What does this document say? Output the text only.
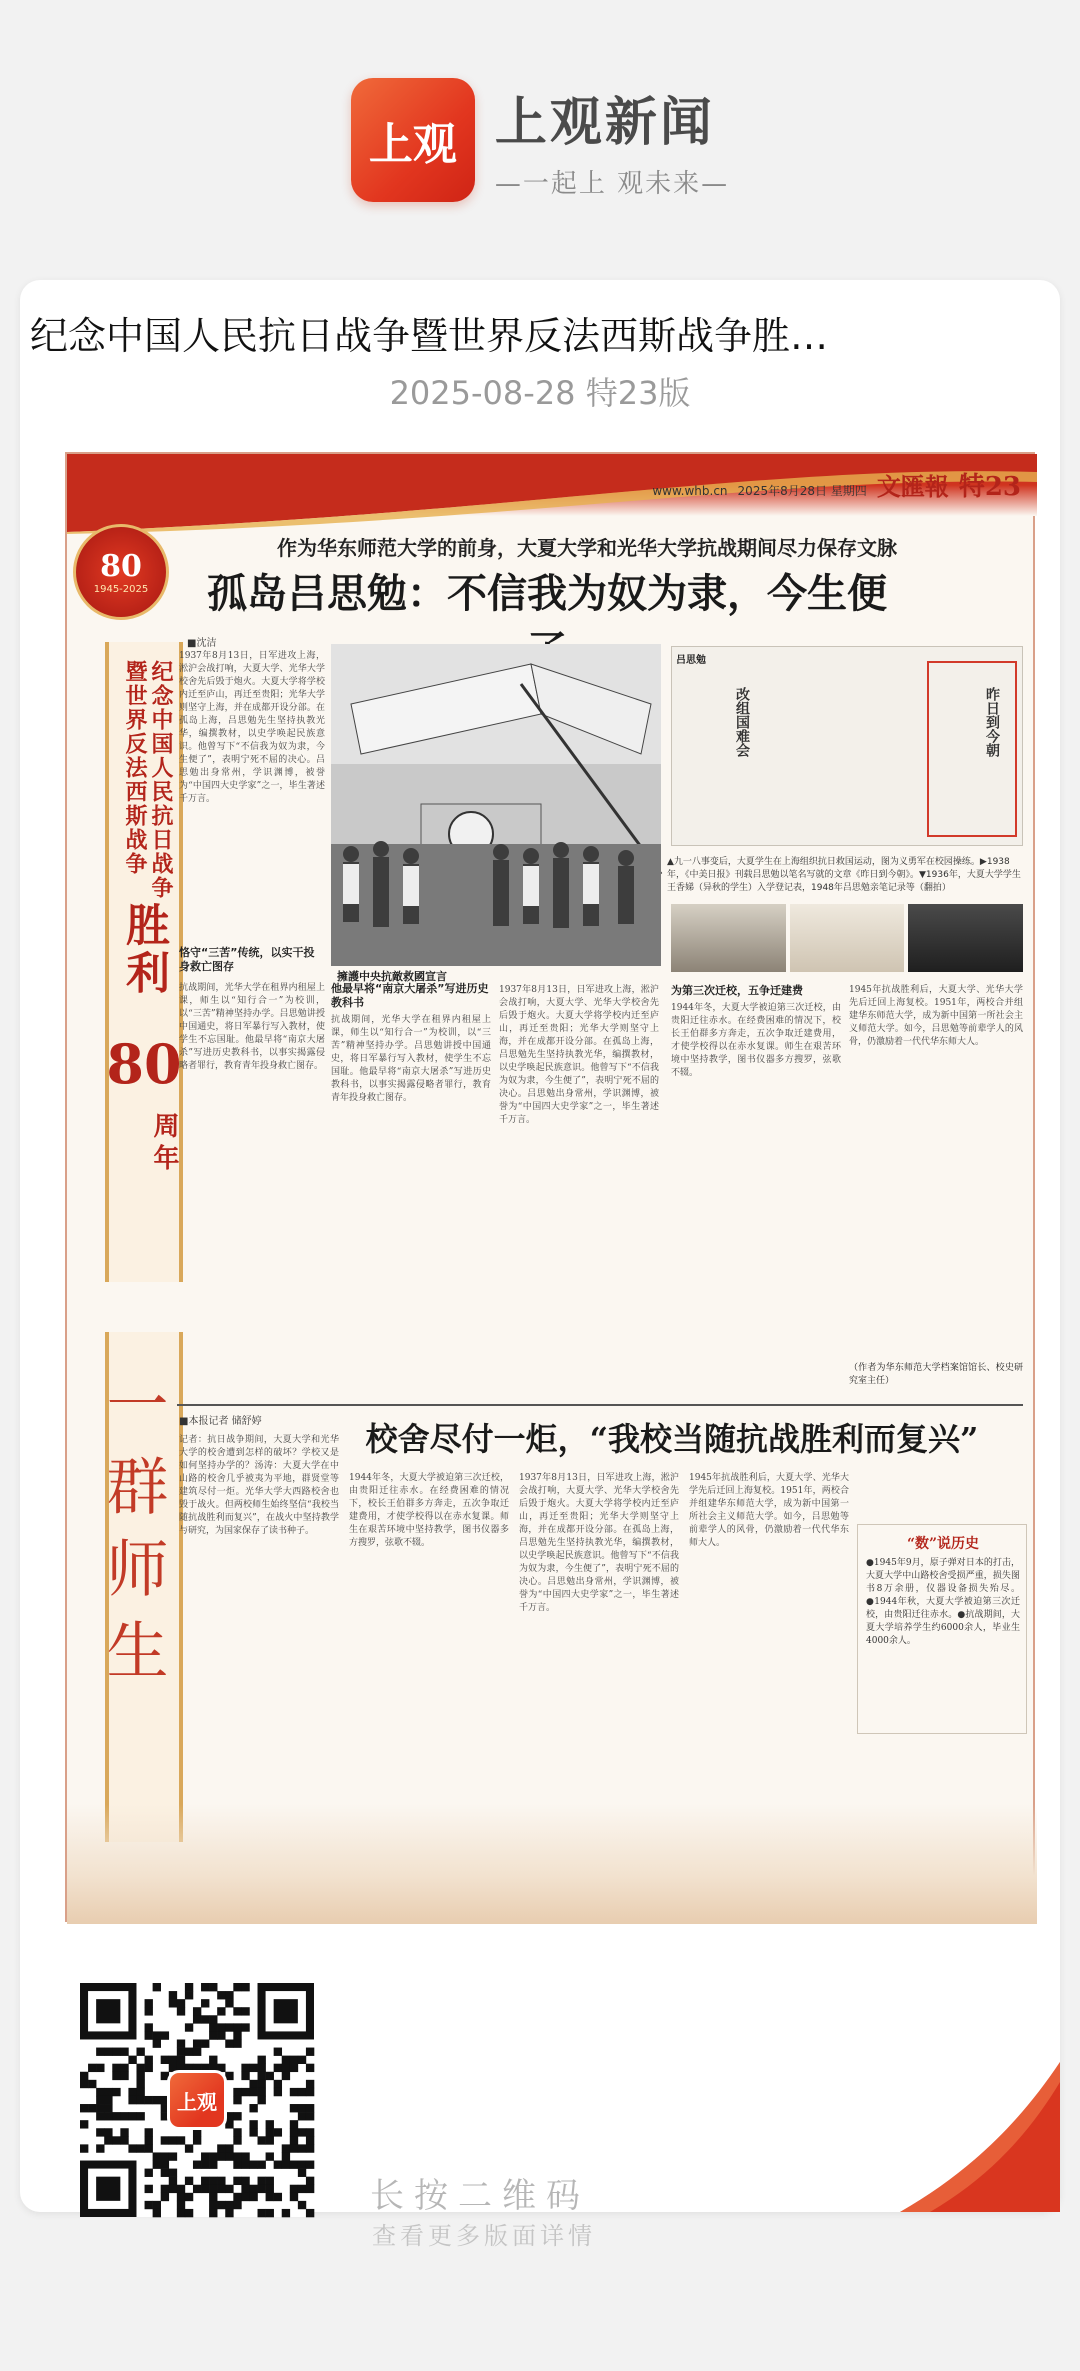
上观 上观新闻
—一起上 观未来—
纪念中国人民抗日战争暨世界反法西斯战争胜…
2025-08-28 特23版
www.whb.cn 2025年8月28日 星期四 文匯報 特23
80
1945-2025
暨世界反法西斯战争 纪念中国人民抗日战争
胜利
80
周年
一群师生
作为华东师范大学的前身，大夏大学和光华大学抗战期间尽力保存文脉
孤岛吕思勉：不信我为奴为隶，今生便
■沈洁
1937年8月13日，日军进攻上海，淞沪会战打响，大夏大学、光华大学校舍先后毁于炮火。大夏大学将学校内迁至庐山，再迁至贵阳；光华大学则坚守上海，并在成都开设分部。在孤岛上海，吕思勉先生坚持执教光华，编撰教材，以史学唤起民族意识。他曾写下“不信我为奴为隶，今生便了”，表明宁死不屈的决心。吕思勉出身常州，学识渊博，被誉为“中国四大史学家”之一，毕生著述千万言。
恪守“三苦”传统，以实干投身救亡图存
抗战期间，光华大学在租界内租屋上课，师生以“知行合一”为校训，以“三苦”精神坚持办学。吕思勉讲授中国通史，将日军暴行写入教材，使学生不忘国耻。他最早将“南京大屠杀”写进历史教科书，以事实揭露侵略者罪行，教育青年投身救亡图存。
擁護中央抗敵救國宣言
吕思勉
改组国难会	昨日到今朝
▲九一八事变后，大夏学生在上海组织抗日救国运动，图为义勇军在校园操练。▶1938年，《中美日报》刊载吕思勉以笔名写就的文章《昨日到今朝》。▼1936年，大夏大学学生王香娣（异秋的学生）入学登记表，1948年吕思勉亲笔记录等（翻拍）
他最早将“南京大屠杀”写进历史教科书
抗战期间，光华大学在租界内租屋上课，师生以“知行合一”为校训，以“三苦”精神坚持办学。吕思勉讲授中国通史，将日军暴行写入教材，使学生不忘国耻。他最早将“南京大屠杀”写进历史教科书，以事实揭露侵略者罪行，教育青年投身救亡图存。
1937年8月13日，日军进攻上海，淞沪会战打响，大夏大学、光华大学校舍先后毁于炮火。大夏大学将学校内迁至庐山，再迁至贵阳；光华大学则坚守上海，并在成都开设分部。在孤岛上海，吕思勉先生坚持执教光华，编撰教材，以史学唤起民族意识。他曾写下“不信我为奴为隶，今生便了”，表明宁死不屈的决心。吕思勉出身常州，学识渊博，被誉为“中国四大史学家”之一，毕生著述千万言。
为第三次迁校，五争迁建费
1944年冬，大夏大学被迫第三次迁校，由贵阳迁往赤水。在经费困难的情况下，校长王伯群多方奔走，五次争取迁建费用，才使学校得以在赤水复课。师生在艰苦环境中坚持教学，图书仪器多方搜罗，弦歌不辍。
1945年抗战胜利后，大夏大学、光华大学先后迁回上海复校。1951年，两校合并组建华东师范大学，成为新中国第一所社会主义师范大学。如今，吕思勉等前辈学人的风骨，仍激励着一代代华东师大人。
（作者为华东师范大学档案馆馆长、校史研究室主任）
■本报记者 储舒婷	校舍尽付一炬，“我校当随抗战胜利而复兴”
记者：抗日战争期间，大夏大学和光华大学的校舍遭到怎样的破坏？学校又是如何坚持办学的？汤涛：大夏大学在中山路的校舍几乎被夷为平地，群贤堂等建筑尽付一炬。光华大学大西路校舍也毁于战火。但两校师生始终坚信“我校当随抗战胜利而复兴”，在战火中坚持教学与研究，为国家保存了读书种子。
1944年冬，大夏大学被迫第三次迁校，由贵阳迁往赤水。在经费困难的情况下，校长王伯群多方奔走，五次争取迁建费用，才使学校得以在赤水复课。师生在艰苦环境中坚持教学，图书仪器多方搜罗，弦歌不辍。
1937年8月13日，日军进攻上海，淞沪会战打响，大夏大学、光华大学校舍先后毁于炮火。大夏大学将学校内迁至庐山，再迁至贵阳；光华大学则坚守上海，并在成都开设分部。在孤岛上海，吕思勉先生坚持执教光华，编撰教材，以史学唤起民族意识。他曾写下“不信我为奴为隶，今生便了”，表明宁死不屈的决心。吕思勉出身常州，学识渊博，被誉为“中国四大史学家”之一，毕生著述千万言。
1945年抗战胜利后，大夏大学、光华大学先后迁回上海复校。1951年，两校合并组建华东师范大学，成为新中国第一所社会主义师范大学。如今，吕思勉等前辈学人的风骨，仍激励着一代代华东师大人。	“数”说历史
●1945年9月，原子弹对日本的打击，大夏大学中山路校舍受损严重，损失图书8万余册，仪器设备损失殆尽。●1944年秋，大夏大学被迫第三次迁校，由贵阳迁往赤水。●抗战期间，大夏大学培养学生约6000余人，毕业生4000余人。
上观
长按二维码
查看更多版面详情
